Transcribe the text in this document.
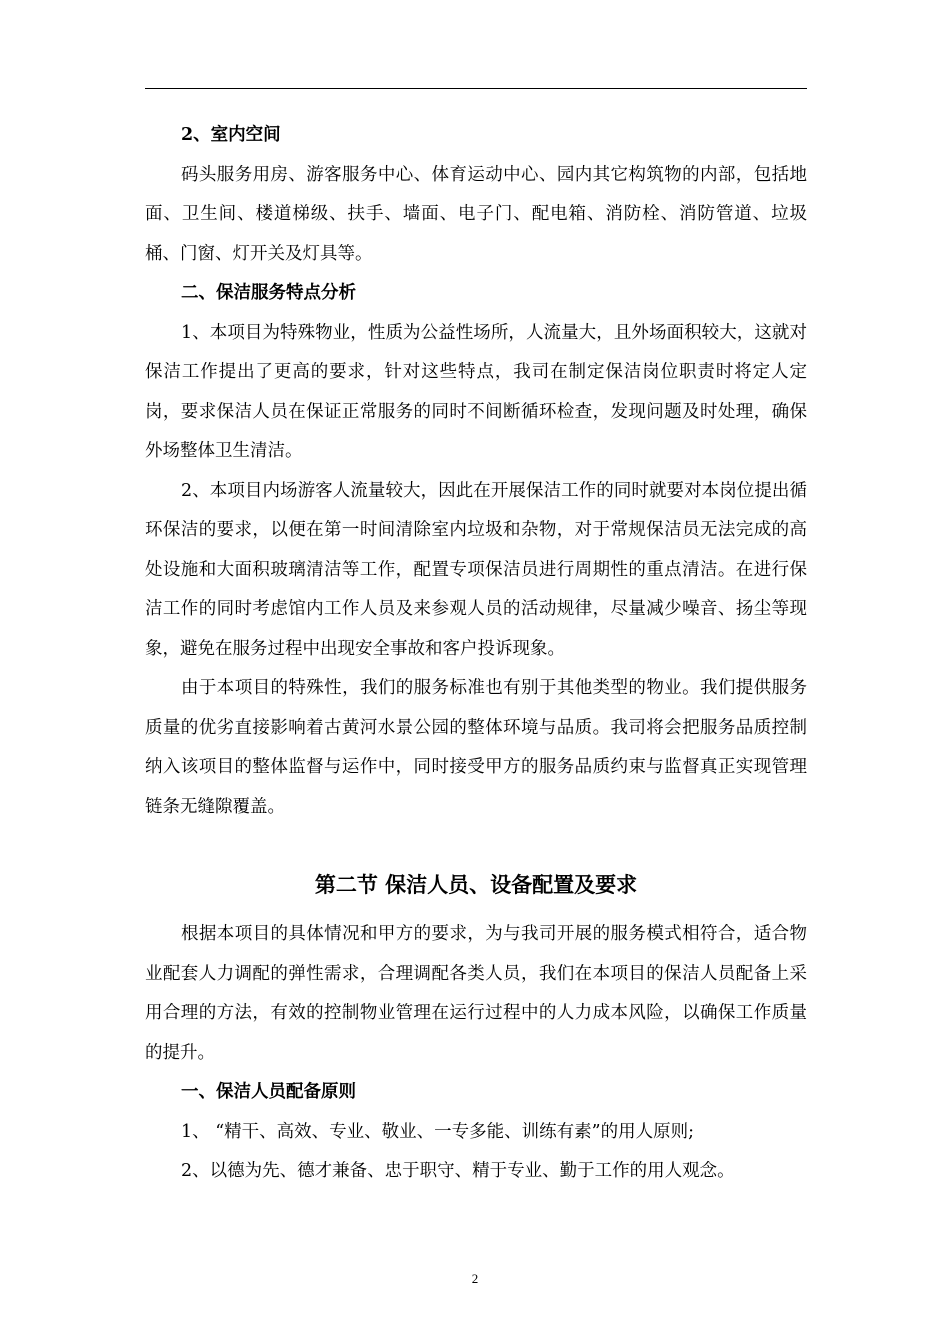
2、室内空间

码头服务用房、游客服务中心、体育运动中心、园内其它构筑物的内部，包括地面、卫生间、楼道梯级、扶手、墙面、电子门、配电箱、消防栓、消防管道、垃圾桶、门窗、灯开关及灯具等。

二、保洁服务特点分析

1、本项目为特殊物业，性质为公益性场所，人流量大，且外场面积较大，这就对保洁工作提出了更高的要求，针对这些特点，我司在制定保洁岗位职责时将定人定岗，要求保洁人员在保证正常服务的同时不间断循环检查，发现问题及时处理，确保外场整体卫生清洁。

2、本项目内场游客人流量较大，因此在开展保洁工作的同时就要对本岗位提出循环保洁的要求，以便在第一时间清除室内垃圾和杂物，对于常规保洁员无法完成的高处设施和大面积玻璃清洁等工作，配置专项保洁员进行周期性的重点清洁。在进行保洁工作的同时考虑馆内工作人员及来参观人员的活动规律，尽量减少噪音、扬尘等现象，避免在服务过程中出现安全事故和客户投诉现象。

由于本项目的特殊性，我们的服务标准也有别于其他类型的物业。我们提供服务质量的优劣直接影响着古黄河水景公园的整体环境与品质。我司将会把服务品质控制纳入该项目的整体监督与运作中，同时接受甲方的服务品质约束与监督真正实现管理链条无缝隙覆盖。

第二节 保洁人员、设备配置及要求

根据本项目的具体情况和甲方的要求，为与我司开展的服务模式相符合，适合物业配套人力调配的弹性需求，合理调配各类人员，我们在本项目的保洁人员配备上采用合理的方法，有效的控制物业管理在运行过程中的人力成本风险，以确保工作质量的提升。

一、保洁人员配备原则

1、 “精干、高效、专业、敬业、一专多能、训练有素”的用人原则;

2、以德为先、德才兼备、忠于职守、精于专业、勤于工作的用人观念。

2
